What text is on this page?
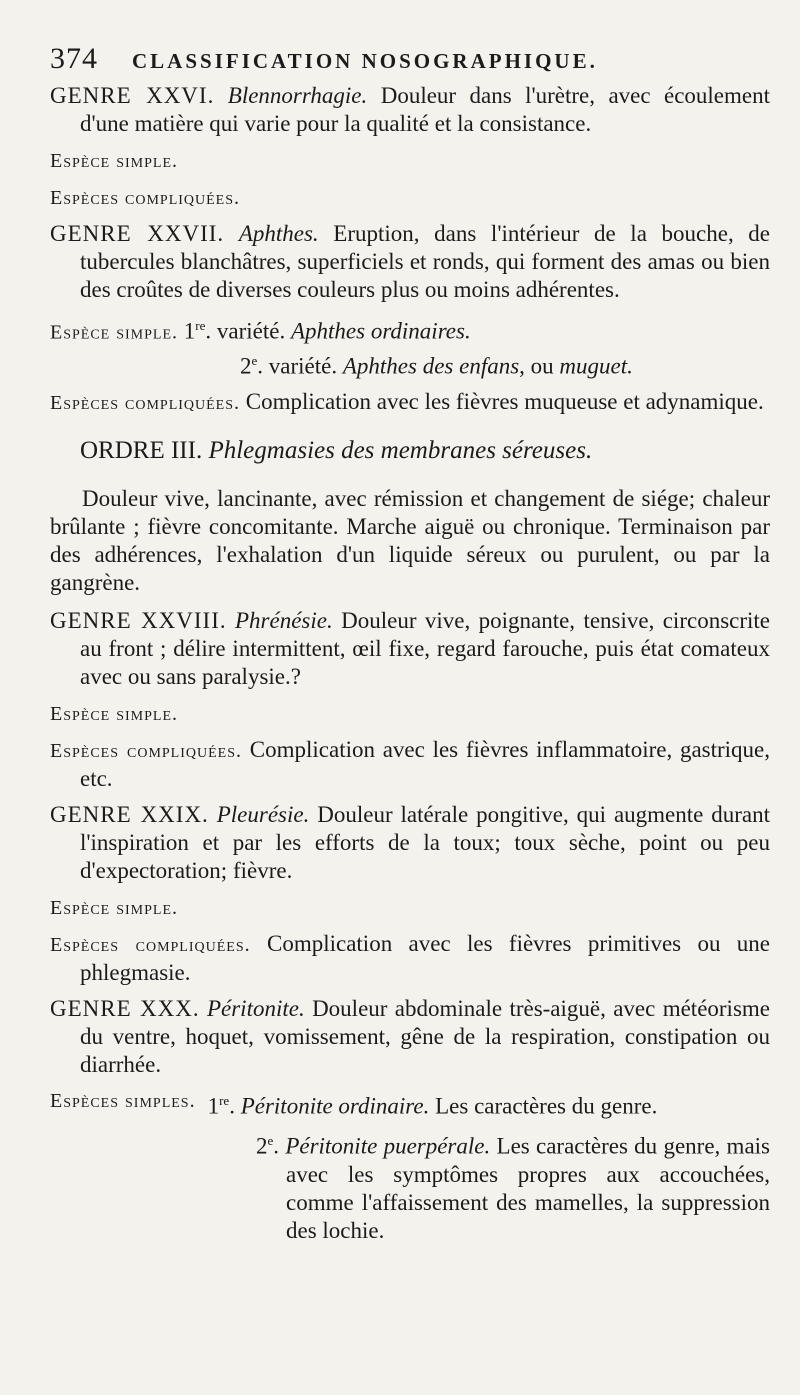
374 CLASSIFICATION NOSOGRAPHIQUE.

GENRE XXVI. Blennorrhagie. Douleur dans l'urètre, avec écoulement d'une matière qui varie pour la qualité et la consistance.

Espèce simple.

Espèces compliquées.

GENRE XXVII. Aphthes. Eruption, dans l'intérieur de la bouche, de tubercules blanchâtres, superficiels et ronds, qui forment des amas ou bien des croûtes de diverses couleurs plus ou moins adhérentes.

Espèce simple. 1re. variété. Aphthes ordinaires.

2e. variété. Aphthes des enfans, ou muguet.

Espèces compliquées. Complication avec les fièvres muqueuse et adynamique.

ORDRE III. Phlegmasies des membranes séreuses.

Douleur vive, lancinante, avec rémission et changement de siége; chaleur brûlante ; fièvre concomitante. Marche aiguë ou chronique. Terminaison par des adhérences, l'exhalation d'un liquide séreux ou purulent, ou par la gangrène.

GENRE XXVIII. Phrénésie. Douleur vive, poignante, tensive, circonscrite au front ; délire intermittent, œil fixe, regard farouche, puis état comateux avec ou sans paralysie.?

Espèce simple.

Espèces compliquées. Complication avec les fièvres inflammatoire, gastrique, etc.

GENRE XXIX. Pleurésie. Douleur latérale pongitive, qui augmente durant l'inspiration et par les efforts de la toux; toux sèche, point ou peu d'expectoration; fièvre.

Espèce simple.

Espèces compliquées. Complication avec les fièvres primitives ou une phlegmasie.

GENRE XXX. Péritonite. Douleur abdominale très-aiguë, avec météorisme du ventre, hoquet, vomissement, gêne de la respiration, constipation ou diarrhée.

Espèces simples. 1re. Péritonite ordinaire. Les caractères du genre.

2e. Péritonite puerpérale. Les caractères du genre, mais avec les symptômes propres aux accouchées, comme l'affaissement des mamelles, la suppression des lochie.
